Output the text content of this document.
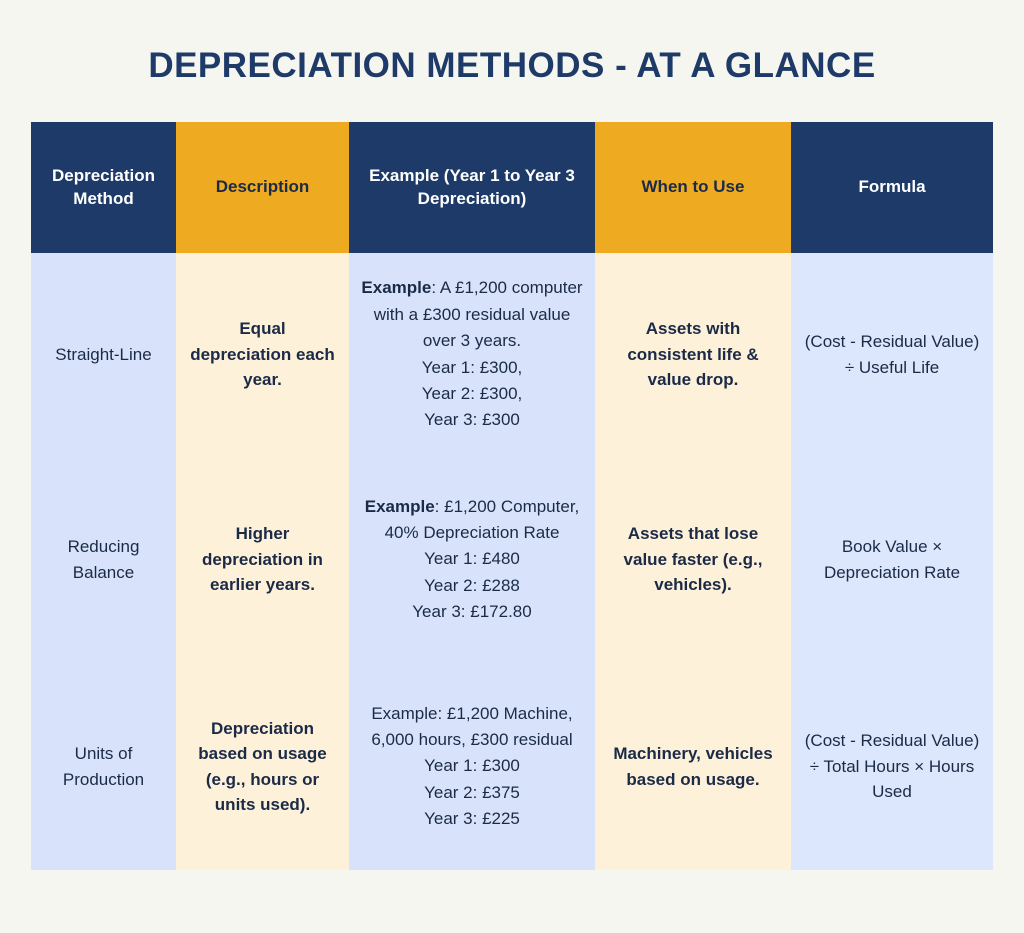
DEPRECIATION METHODS - AT A GLANCE
Depreciation Method	Description	Example (Year 1 to Year 3 Depreciation)	When to Use	Formula
Straight-Line	Equal depreciation each year.	Example: A £1,200 computer with a £300 residual value over 3 years.
Year 1: £300,
Year 2: £300,
Year 3: £300	Assets with consistent life & value drop.	(Cost - Residual Value) ÷ Useful Life
Reducing Balance	Higher depreciation in earlier years.	Example: £1,200 Computer, 40% Depreciation Rate
Year 1: £480
Year 2: £288
Year 3: £172.80	Assets that lose value faster (e.g., vehicles).	Book Value × Depreciation Rate
Units of Production	Depreciation based on usage (e.g., hours or units used).	Example: £1,200 Machine, 6,000 hours, £300 residual
Year 1: £300
Year 2: £375
Year 3: £225	Machinery, vehicles based on usage.	(Cost - Residual Value) ÷ Total Hours × Hours Used
